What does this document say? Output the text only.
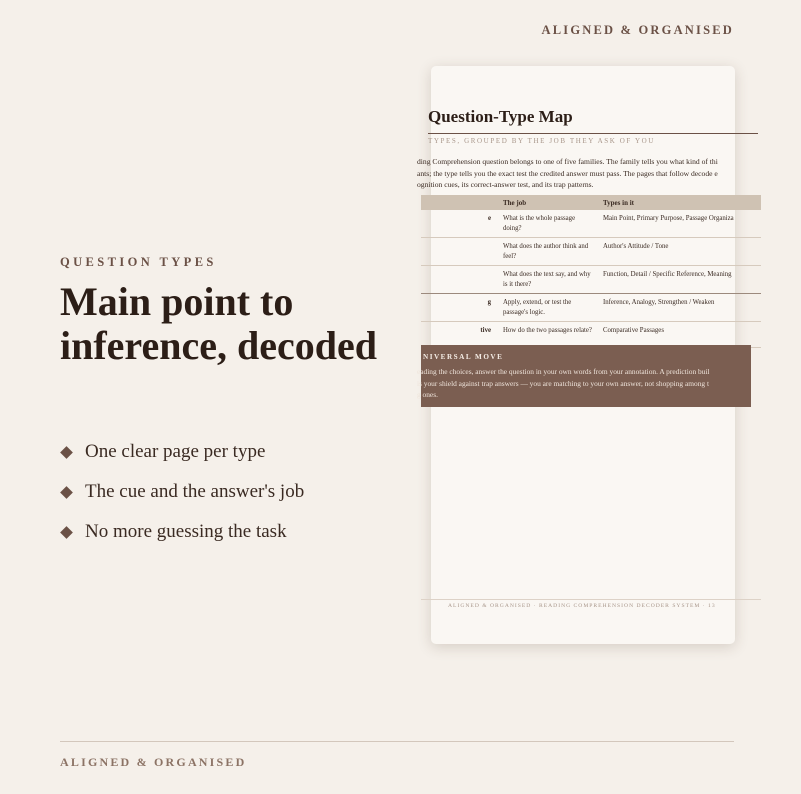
ALIGNED & ORGANISED
QUESTION TYPES
Main point to inference, decoded
One clear page per type
The cue and the answer's job
No more guessing the task
Question-Type Map
TYPES, GROUPED BY THE JOB THEY ASK OF YOU
ding Comprehension question belongs to one of five families. The family tells you what kind of thi
ants; the type tells you the exact test the credited answer must pass. The pages that follow decode e
ognition cues, its correct-answer test, and its trap patterns.
	The job	Types in it
e	What is the whole passage doing?	Main Point, Primary Purpose, Passage Organiza
	What does the author think and feel?	Author's Attitude / Tone
	What does the text say, and why is it there?	Function, Detail / Specific Reference, Meaning
g	Apply, extend, or test the passage's logic.	Inference, Analogy, Strengthen / Weaken
tive	How do the two passages relate?	Comparative Passages
NIVERSAL MOVE
eading the choices, answer the question in your own words from your annotation. A prediction buil
is your shield against trap answers — you are matching to your own answer, not shopping among t
g ones.
ALIGNED & ORGANISED · READING COMPREHENSION DECODER SYSTEM · 13
ALIGNED & ORGANISED
